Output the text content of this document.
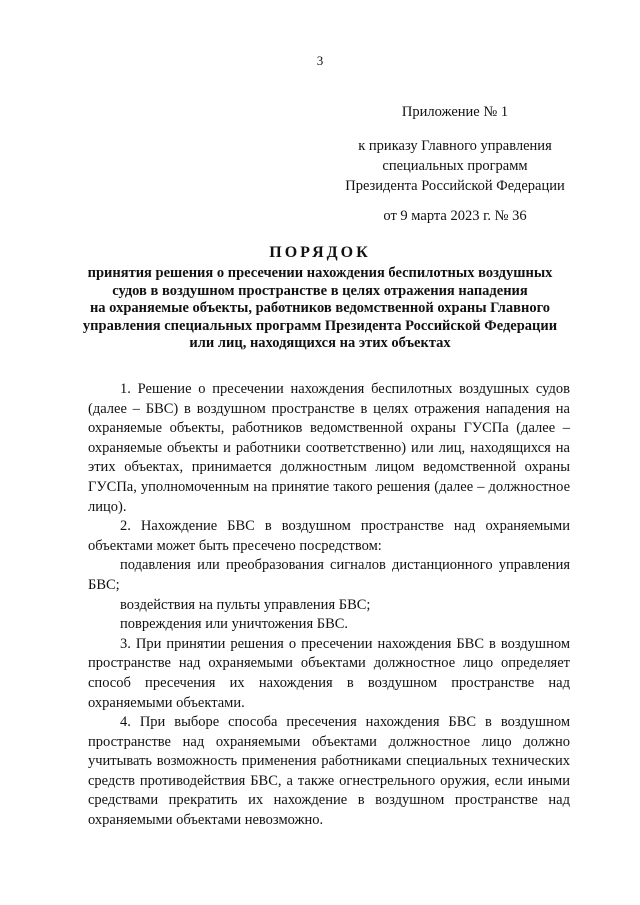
3
Приложение № 1
к приказу Главного управления
специальных программ
Президента Российской Федерации
от 9 марта 2023 г. № 36
ПОРЯДОК
принятия решения о пресечении нахождения беспилотных воздушных
судов в воздушном пространстве в целях отражения нападения
на охраняемые объекты, работников ведомственной охраны Главного
управления специальных программ Президента Российской Федерации
или лиц, находящихся на этих объектах

1. Решение о пресечении нахождения беспилотных воздушных судов (далее – БВС) в воздушном пространстве в целях отражения нападения на охраняемые объекты, работников ведомственной охраны ГУСПа (далее – охраняемые объекты и работники соответственно) или лиц, находящихся на этих объектах, принимается должностным лицом ведомственной охраны ГУСПа, уполномоченным на принятие такого решения (далее – должностное лицо).

2. Нахождение БВС в воздушном пространстве над охраняемыми объектами может быть пресечено посредством:

подавления или преобразования сигналов дистанционного управления БВС;

воздействия на пульты управления БВС;

повреждения или уничтожения БВС.

3. При принятии решения о пресечении нахождения БВС в воздушном пространстве над охраняемыми объектами должностное лицо определяет способ пресечения их нахождения в воздушном пространстве над охраняемыми объектами.

4. При выборе способа пресечения нахождения БВС в воздушном пространстве над охраняемыми объектами должностное лицо должно учитывать возможность применения работниками специальных технических средств противодействия БВС, а также огнестрельного оружия, если иными средствами прекратить их нахождение в воздушном пространстве над охраняемыми объектами невозможно.
